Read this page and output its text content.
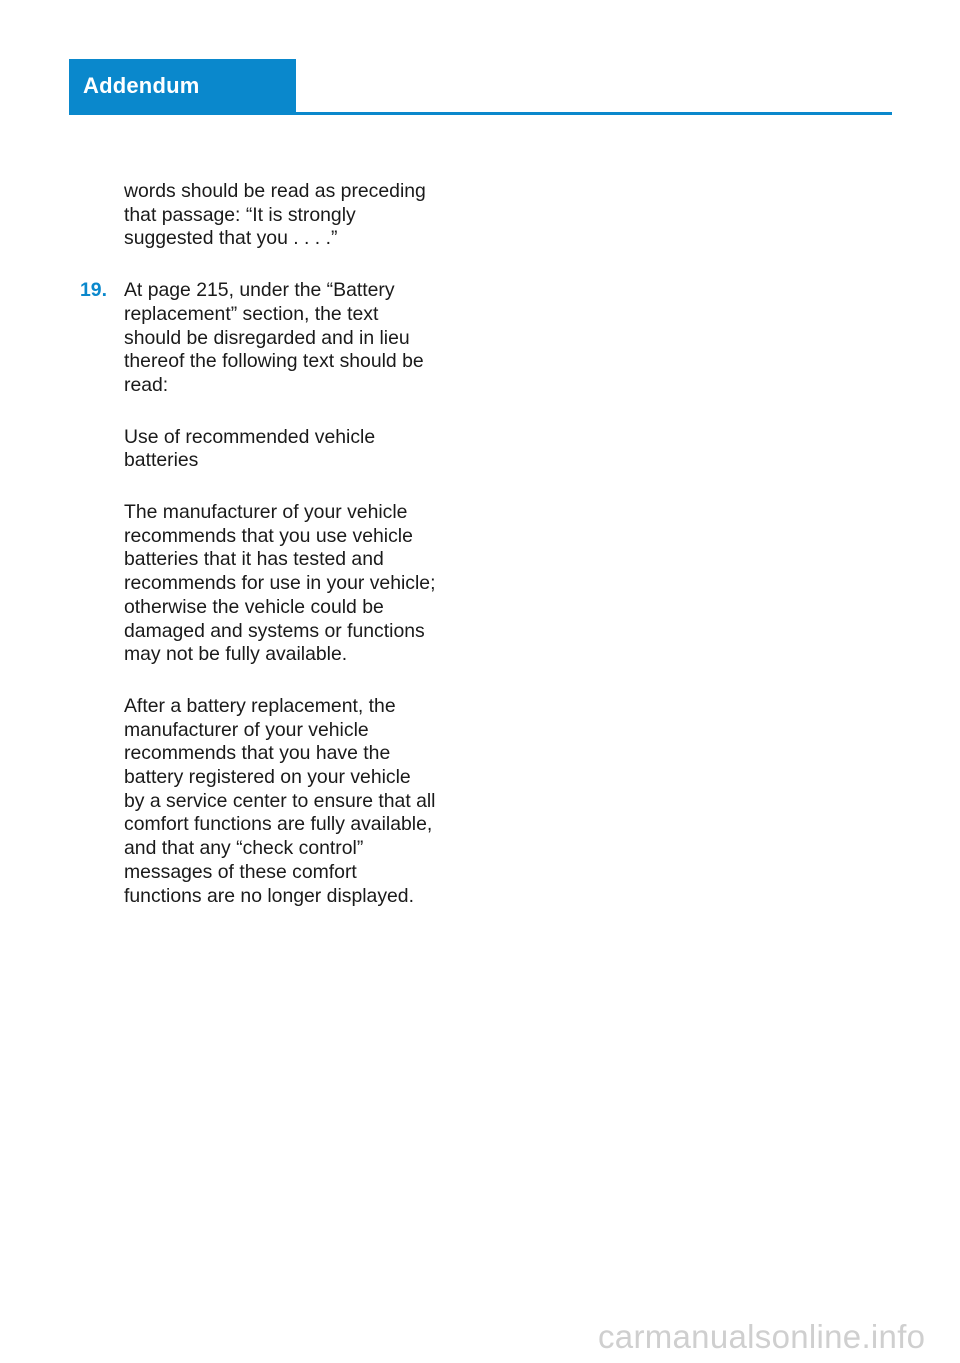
Addendum
words should be read as preceding
that passage: “It is strongly
suggested that you . . . .”
19. At page 215, under the “Battery
replacement” section, the text
should be disregarded and in lieu
thereof the following text should be
read:
Use of recommended vehicle
batteries
The manufacturer of your vehicle
recommends that you use vehicle
batteries that it has tested and
recommends for use in your vehicle;
otherwise the vehicle could be
damaged and systems or functions
may not be fully available.
After a battery replacement, the
manufacturer of your vehicle
recommends that you have the
battery registered on your vehicle
by a service center to ensure that all
comfort functions are fully available,
and that any “check control”
messages of these comfort
functions are no longer displayed.
carmanualsonline.info
